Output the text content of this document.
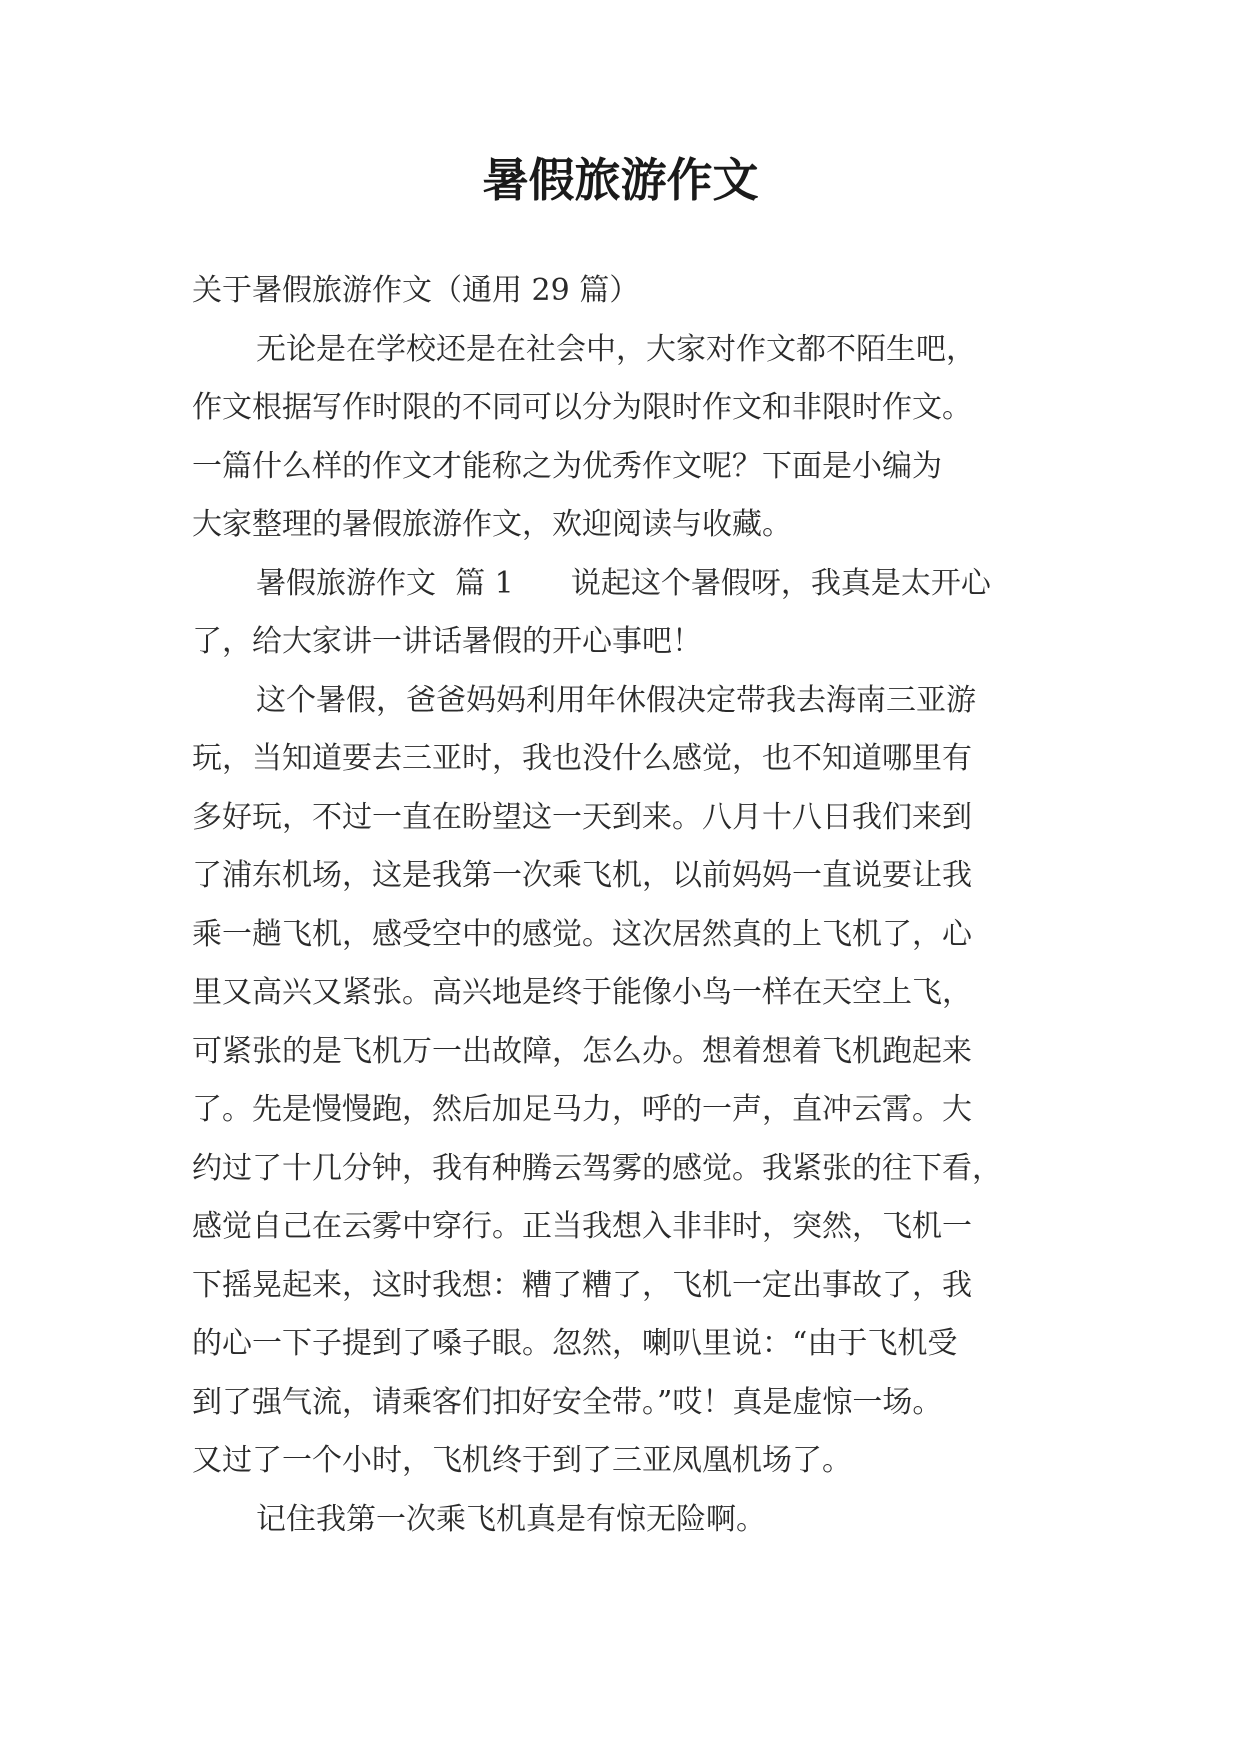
暑假旅游作文
关于暑假旅游作文（通用 29 篇）
无论是在学校还是在社会中，大家对作文都不陌生吧，
作文根据写作时限的不同可以分为限时作文和非限时作文。
一篇什么样的作文才能称之为优秀作文呢？下面是小编为
大家整理的暑假旅游作文，欢迎阅读与收藏。
暑假旅游作文  篇 1      说起这个暑假呀，我真是太开心
了，给大家讲一讲话暑假的开心事吧！
这个暑假，爸爸妈妈利用年休假决定带我去海南三亚游
玩，当知道要去三亚时，我也没什么感觉，也不知道哪里有
多好玩，不过一直在盼望这一天到来。八月十八日我们来到
了浦东机场，这是我第一次乘飞机，以前妈妈一直说要让我
乘一趟飞机，感受空中的感觉。这次居然真的上飞机了，心
里又高兴又紧张。高兴地是终于能像小鸟一样在天空上飞，
可紧张的是飞机万一出故障，怎么办。想着想着飞机跑起来
了。先是慢慢跑，然后加足马力，呼的一声，直冲云霄。大
约过了十几分钟，我有种腾云驾雾的感觉。我紧张的往下看，
感觉自己在云雾中穿行。正当我想入非非时，突然，飞机一
下摇晃起来，这时我想：糟了糟了，飞机一定出事故了，我
的心一下子提到了嗓子眼。忽然，喇叭里说：“由于飞机受
到了强气流，请乘客们扣好安全带。”哎！真是虚惊一场。
又过了一个小时，飞机终于到了三亚凤凰机场了。
记住我第一次乘飞机真是有惊无险啊。
